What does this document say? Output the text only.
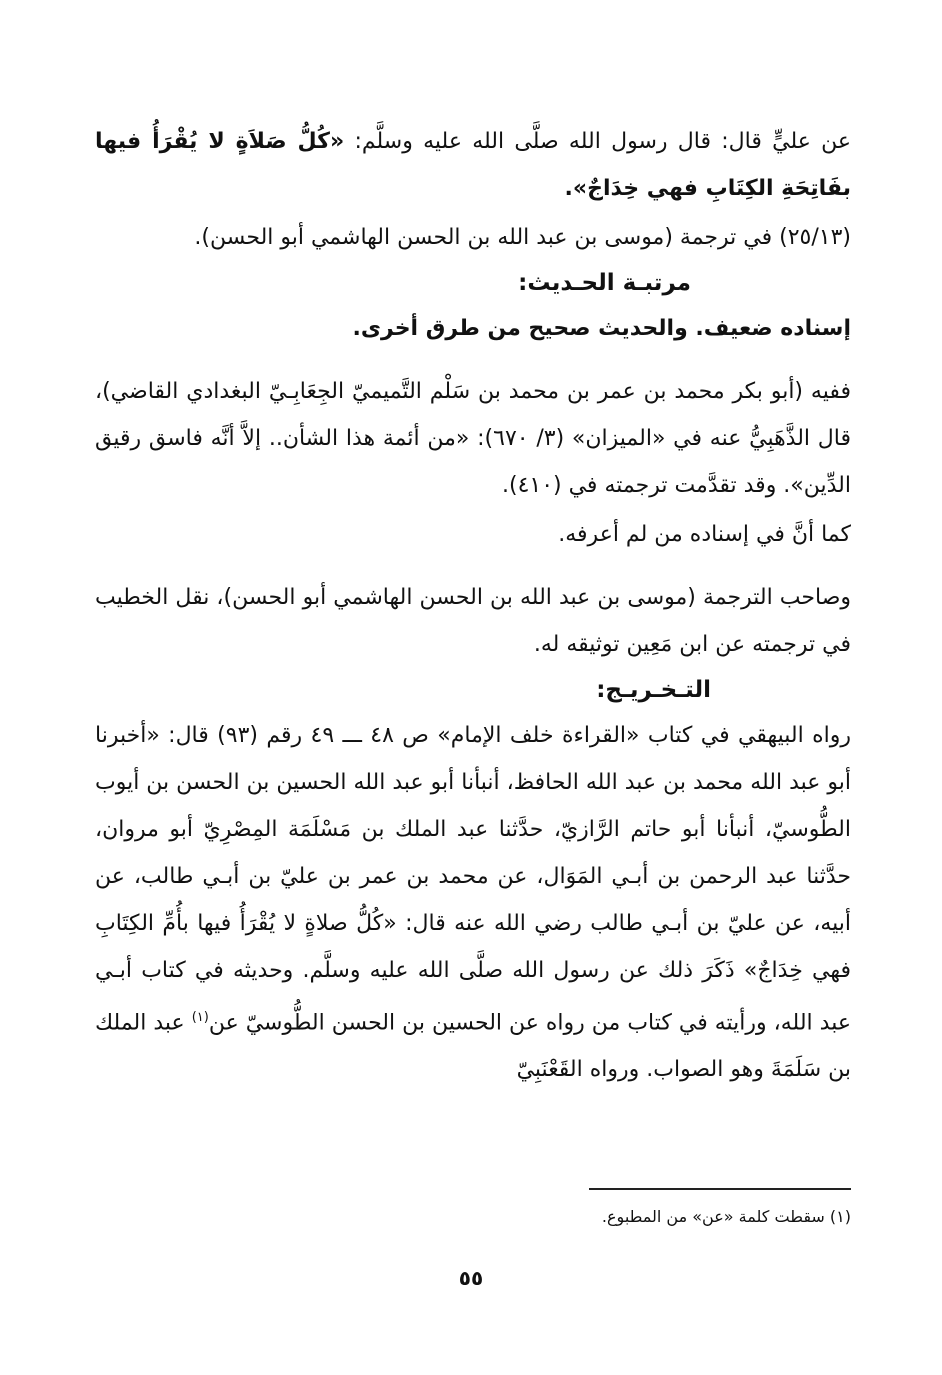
عن عليٍّ قال: قال رسول الله صلَّى الله عليه وسلَّم: «كُلُّ صَلاَةٍ لا يُقْرَأُ فيها بفَاتِحَةِ الكِتَابِ فهي خِدَاجٌ».

(٢٥/١٣) في ترجمة (موسى بن عبد الله بن الحسن الهاشمي أبو الحسن).

مرتبـة الحـديث:

إسناده ضعيف. والحديث صحيح من طرق أخرى.

ففيه (أبو بكر محمد بن عمر بن محمد بن سَلْم التَّميميّ الجِعَابِـيّ البغدادي القاضي)، قال الذَّهَبِيُّ عنه في «الميزان» (٣/ ٦٧٠): «من أئمة هذا الشأن.. إلاَّ أنَّه فاسق رقيق الدِّين». وقد تقدَّمت ترجمته في (٤١٠).

كما أنَّ في إسناده من لم أعرفه.

وصاحب الترجمة (موسى بن عبد الله بن الحسن الهاشمي أبو الحسن)، نقل الخطيب في ترجمته عن ابن مَعِين توثيقه له.

التـخـريـج:

رواه البيهقي في كتاب «القراءة خلف الإمام» ص ٤٨ ـــ ٤٩ رقم (٩٣) قال: «أخبرنا أبو عبد الله محمد بن عبد الله الحافظ، أنبأنا أبو عبد الله الحسين بن الحسن بن أيوب الطُّوسيّ، أنبأنا أبو حاتم الرَّازيّ، حدَّثنا عبد الملك بن مَسْلَمَة المِصْرِيّ أبو مروان، حدَّثنا عبد الرحمن بن أبـي المَوَال، عن محمد بن عمر بن عليّ بن أبـي طالب، عن أبيه، عن عليّ بن أبـي طالب رضي الله عنه قال: «كُلُّ صلاةٍ لا يُقْرَأُ فيها بأُمِّ الكِتَابِ فهي خِدَاجٌ» ذَكَرَ ذلك عن رسول الله صلَّى الله عليه وسلَّم. وحديثه في كتاب أبـي عبد الله، ورأيته في كتاب من رواه عن الحسين بن الحسن الطُّوسيّ عن$^{(١)}$ عبد الملك بن سَلَمَةَ وهو الصواب. ورواه القَعْنَبِيّ

(١) سقطت كلمة «عن» من المطبوع.
٥٥
